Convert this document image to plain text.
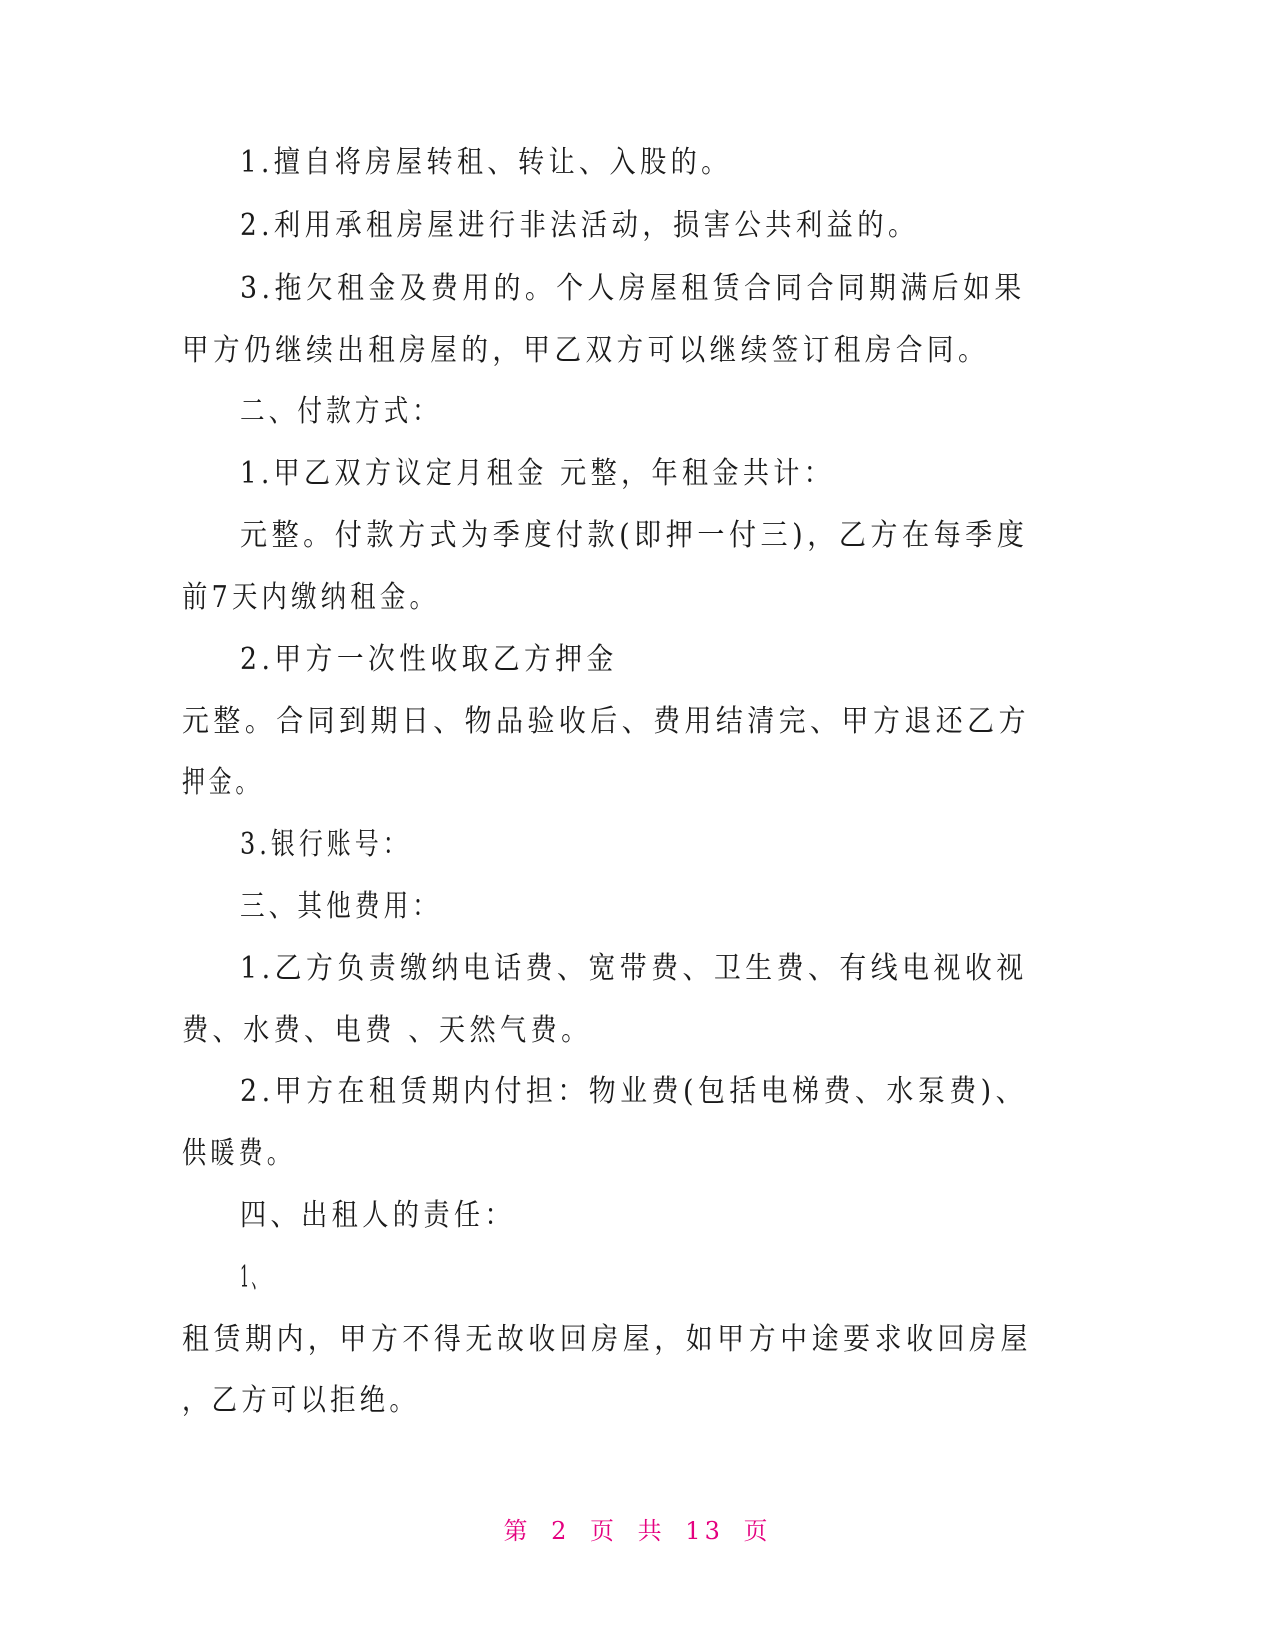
1.擅自将房屋转租、转让、入股的。
2.利用承租房屋进行非法活动，损害公共利益的。
3.拖欠租金及费用的。个人房屋租赁合同合同期满后如果
甲方仍继续出租房屋的，甲乙双方可以继续签订租房合同。
二、付款方式：
1.甲乙双方议定月租金 元整，年租金共计：
元整。付款方式为季度付款(即押一付三)，乙方在每季度
前7天内缴纳租金。
2.甲方一次性收取乙方押金
元整。合同到期日、物品验收后、费用结清完、甲方退还乙方
押金。
3.银行账号：
三、其他费用：
1.乙方负责缴纳电话费、宽带费、卫生费、有线电视收视
费、水费、电费 、天然气费。
2.甲方在租赁期内付担：物业费(包括电梯费、水泵费)、
供暖费。
四、出租人的责任：
1、
租赁期内，甲方不得无故收回房屋，如甲方中途要求收回房屋
，乙方可以拒绝。
第 2 页 共 13 页
